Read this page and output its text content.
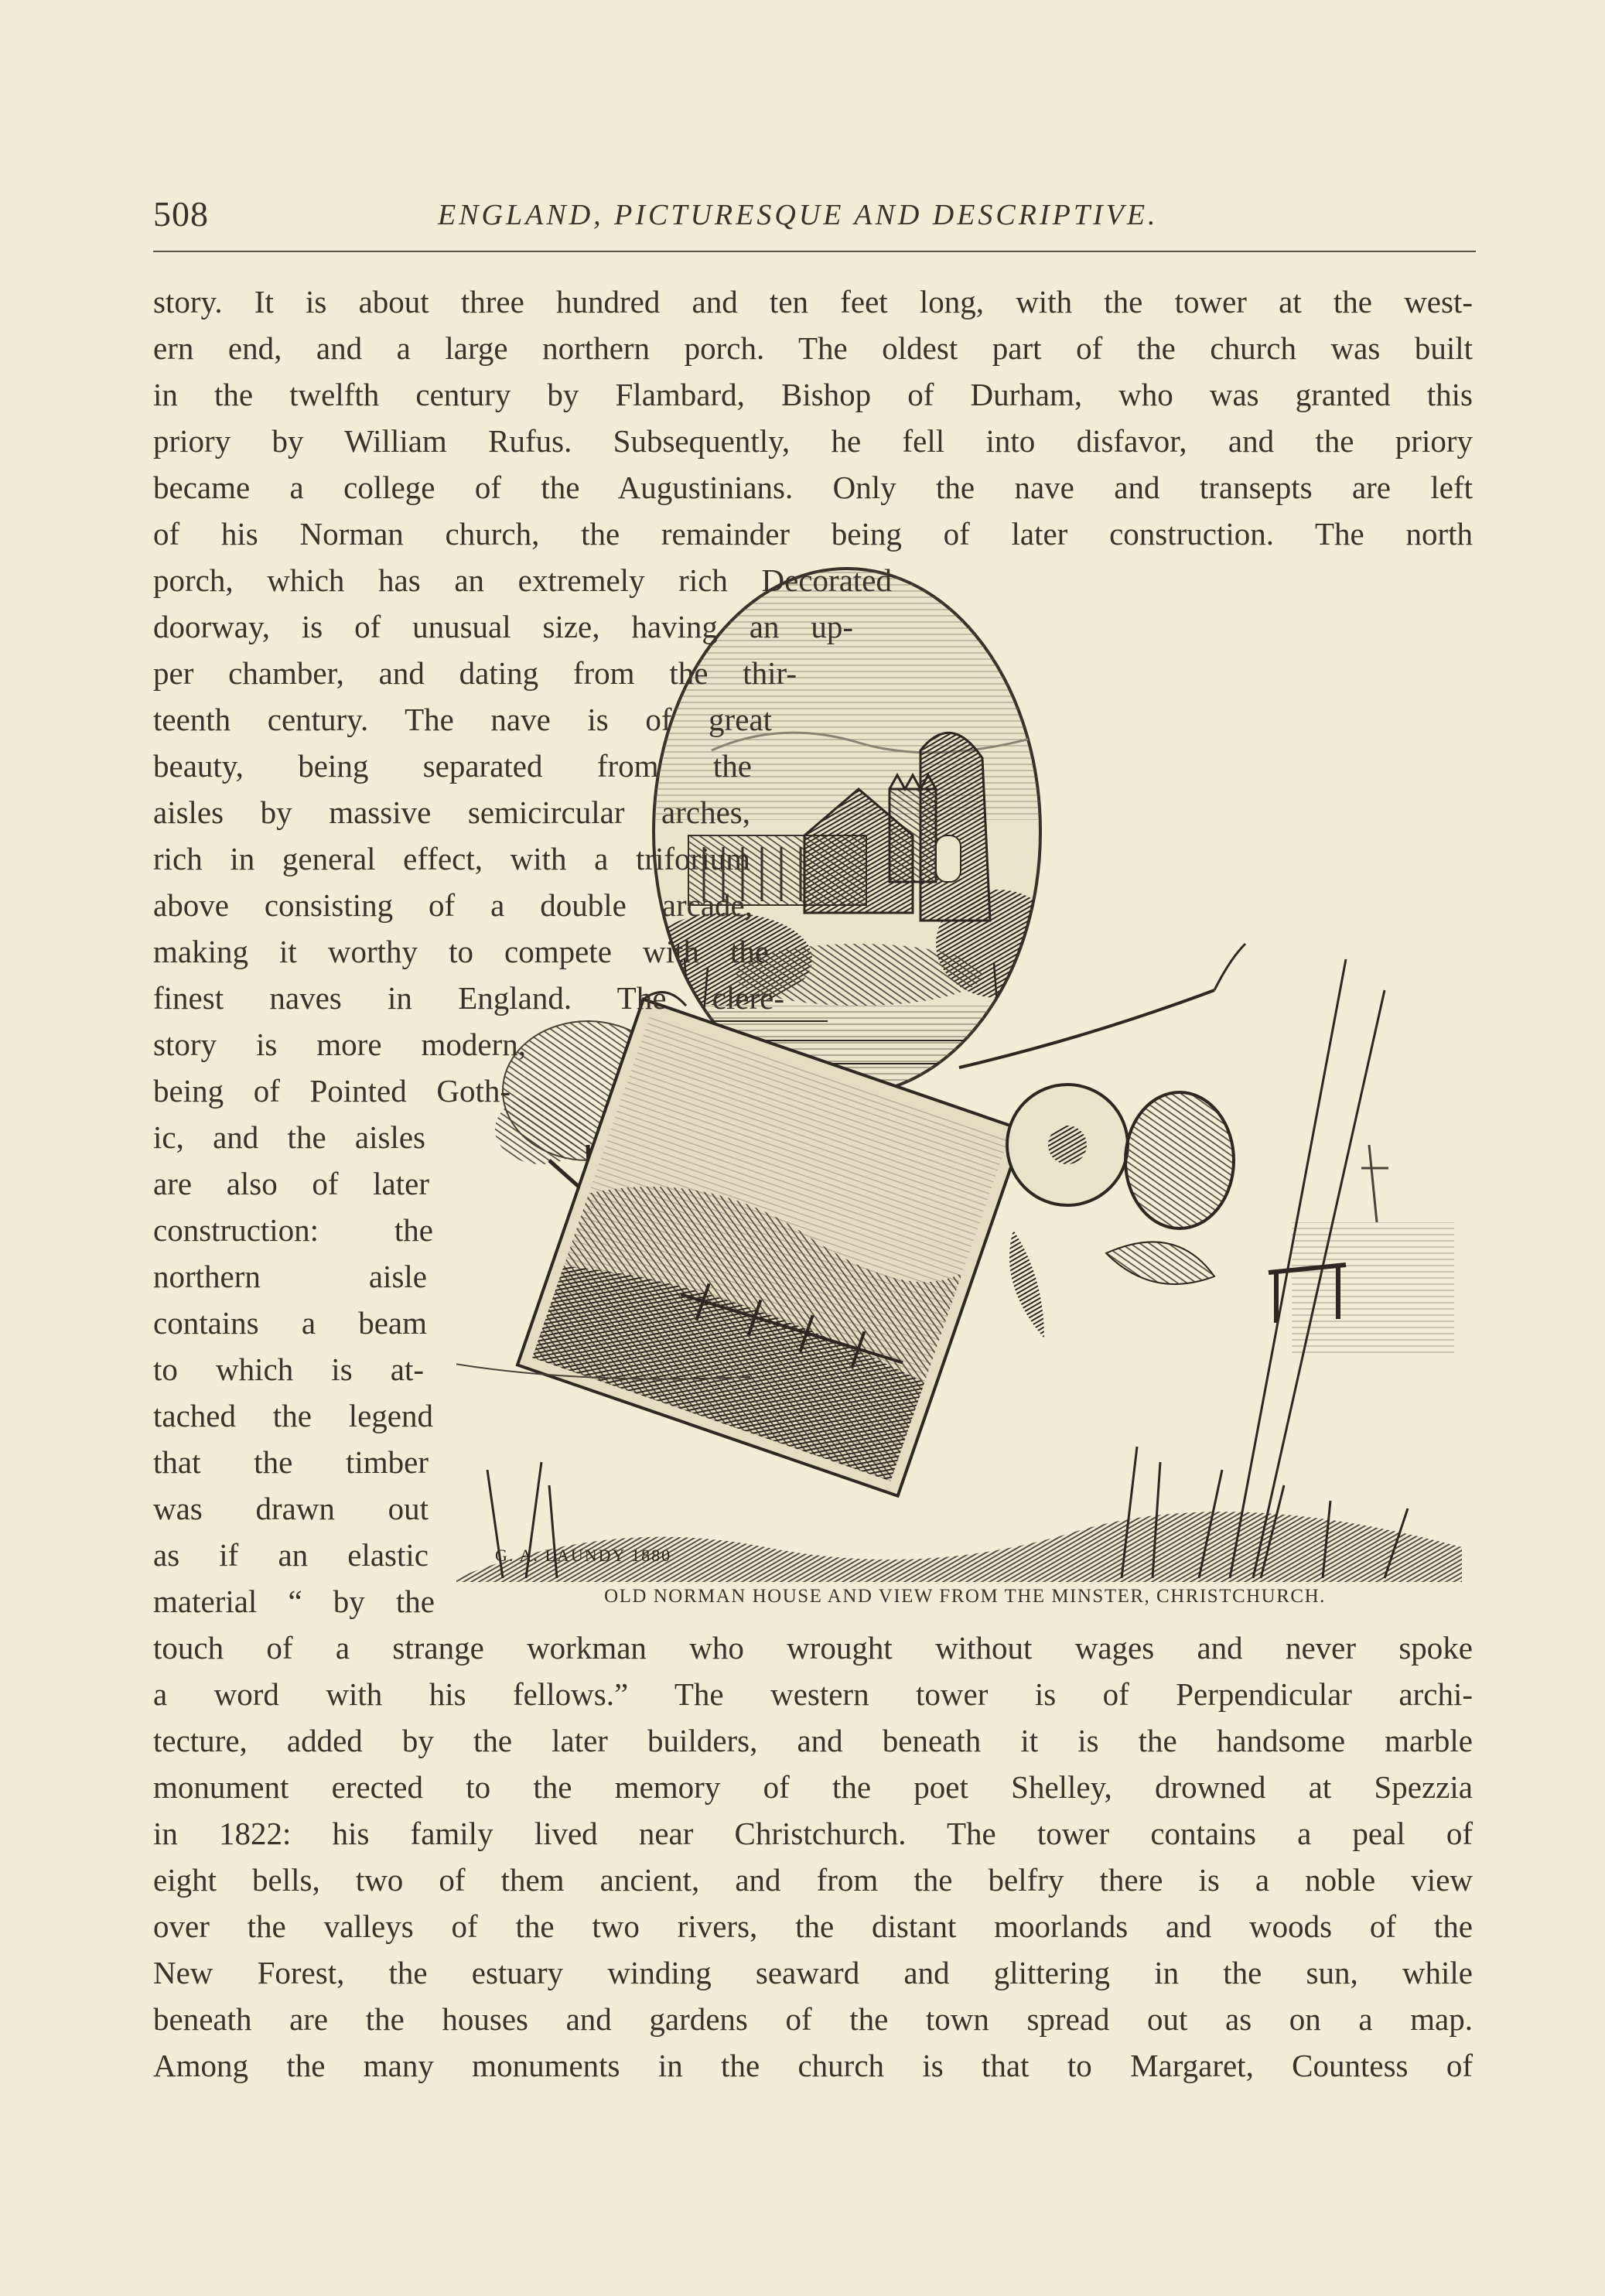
508	ENGLAND, PICTURESQUE AND DESCRIPTIVE.
G. A. LAUNDY 1880
OLD NORMAN HOUSE AND VIEW FROM THE MINSTER, CHRISTCHURCH.
story. It is about three hundred and ten feet long, with the tower at the west-
ern end, and a large northern porch. The oldest part of the church was built
in the twelfth century by Flambard, Bishop of Durham, who was granted this
priory by William Rufus. Subsequently, he fell into disfavor, and the priory
became a college of the Augustinians. Only the nave and transepts are left
of his Norman church, the remainder being of later construction. The north
porch, which has an extremely rich Decorated
doorway, is of unusual size, having an up-
per chamber, and dating from the thir-
teenth century. The nave is of great
beauty, being separated from the
aisles by massive semicircular arches,
rich in general effect, with a triforium
above consisting of a double arcade,
making it worthy to compete with the
finest naves in England. The clere-
story is more modern,
being of Pointed Goth-
ic, and the aisles
are also of later
construction: the
northern aisle
contains a beam
to which is at-
tached the legend
that the timber
was drawn out
as if an elastic
material “ by the
touch of a strange workman who wrought without wages and never spoke
a word with his fellows.” The western tower is of Perpendicular archi-
tecture, added by the later builders, and beneath it is the handsome marble
monument erected to the memory of the poet Shelley, drowned at Spezzia
in 1822: his family lived near Christchurch. The tower contains a peal of
eight bells, two of them ancient, and from the belfry there is a noble view
over the valleys of the two rivers, the distant moorlands and woods of the
New Forest, the estuary winding seaward and glittering in the sun, while
beneath are the houses and gardens of the town spread out as on a map.
Among the many monuments in the church is that to Margaret, Countess of
